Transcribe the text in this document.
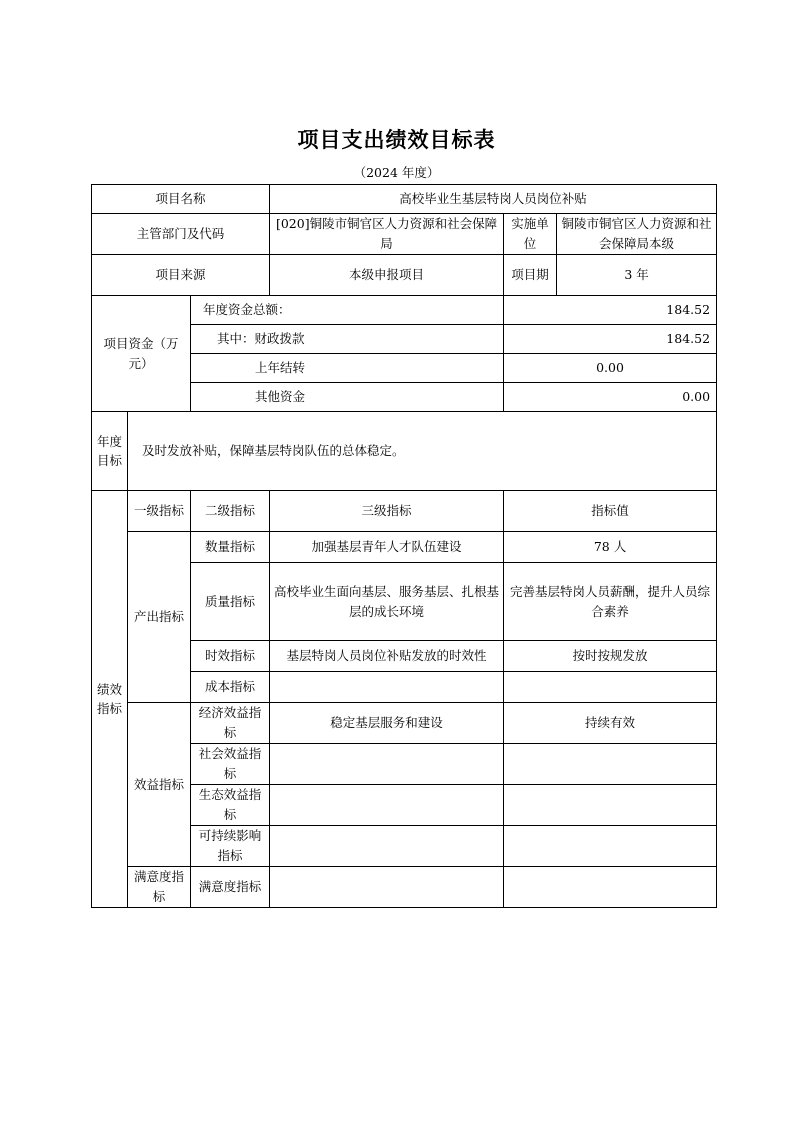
项目支出绩效目标表
（2024 年度）
项目名称			高校毕业生基层特岗人员岗位补贴		
主管部门及代码			[020]铜陵市铜官区人力资源和社会保障局	实施单位	铜陵市铜官区人力资源和社会保障局本级
项目来源			本级申报项目	项目期	3 年
项目资金（万元）		年度资金总额：		184.52	
		其中：财政拨款		184.52	
		上年结转		0.00	
		其他资金		0.00	
年度目标	及时发放补贴，保障基层特岗队伍的总体稳定。				
绩效指标	一级指标	二级指标	三级指标	指标值	
	产出指标	数量指标	加强基层青年人才队伍建设	78 人	
		质量指标	高校毕业生面向基层、服务基层、扎根基层的成长环境	完善基层特岗人员薪酬，提升人员综合素养	
		时效指标	基层特岗人员岗位补贴发放的时效性	按时按规发放	
		成本指标			
	效益指标	经济效益指标	稳定基层服务和建设	持续有效	
		社会效益指标			
		生态效益指标			
		可持续影响指标			
	满意度指标	满意度指标			
